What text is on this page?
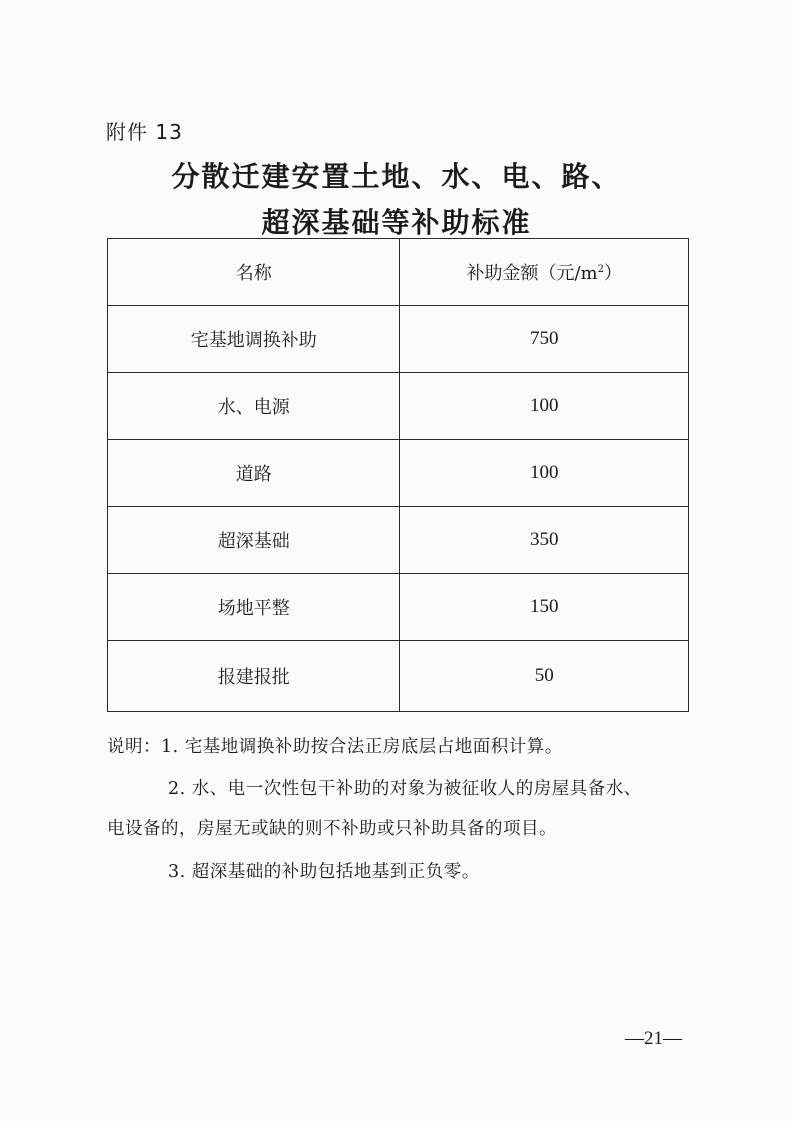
附件 13
分散迁建安置土地、水、电、路、
超深基础等补助标准
名称	补助金额（元$/m^2$）
宅基地调换补助	750
水、电源	100
道路	100
超深基础	350
场地平整	150
报建报批	50
说明：1. 宅基地调换补助按合法正房底层占地面积计算。
2. 水、电一次性包干补助的对象为被征收人的房屋具备水、
电设备的，房屋无或缺的则不补助或只补助具备的项目。
3. 超深基础的补助包括地基到正负零。
—21—
